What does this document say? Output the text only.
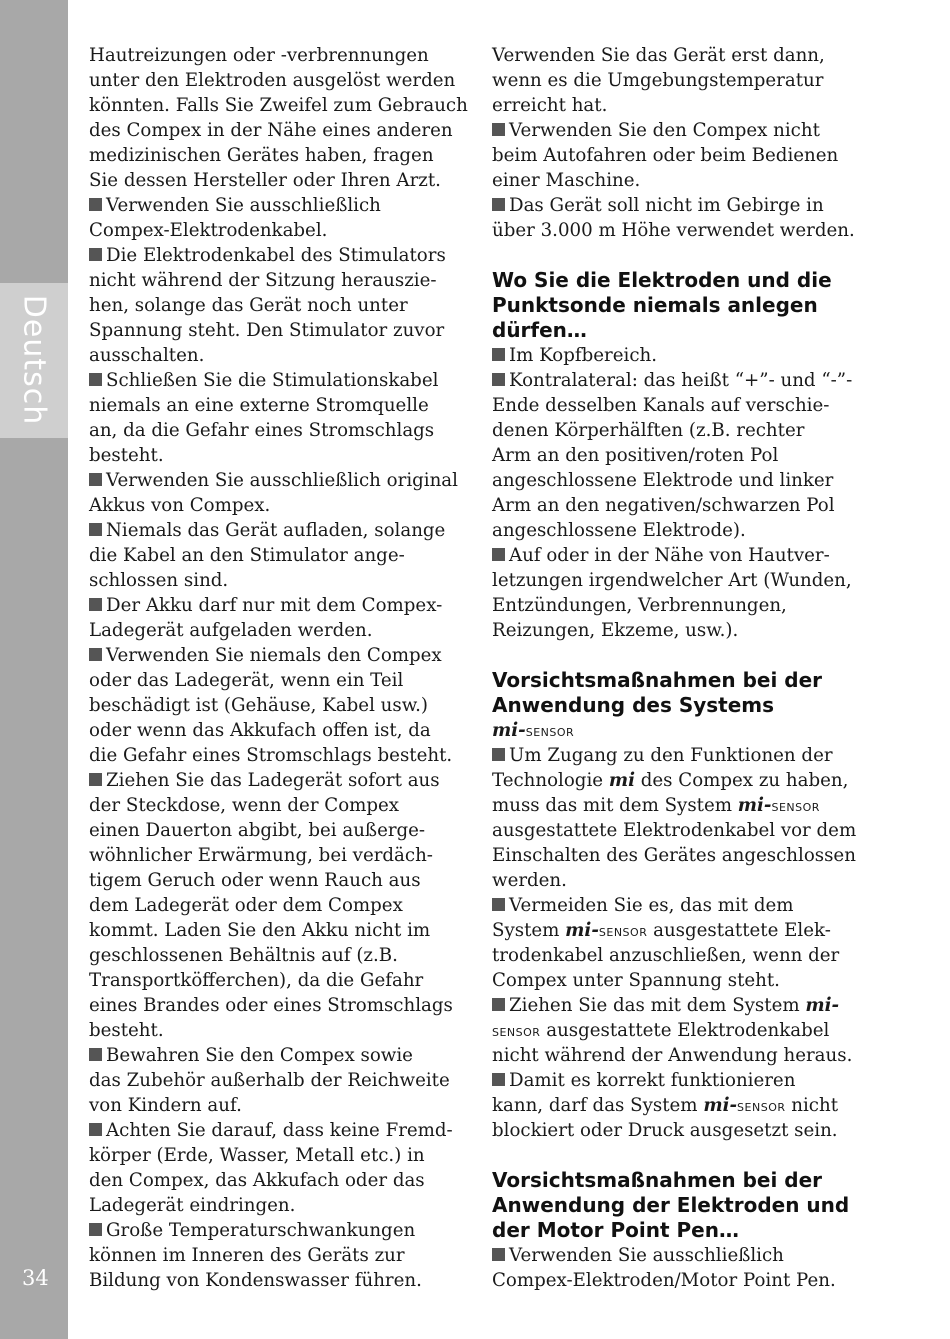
Deutsch
34
Hautreizungen oder -verbrennungen
unter den Elektroden ausgelöst werden
könnten. Falls Sie Zweifel zum Gebrauch
des Compex in der Nähe eines anderen
medizinischen Gerätes haben, fragen
Sie dessen Hersteller oder Ihren Arzt.
Verwenden Sie ausschließlich
Compex-Elektrodenkabel.
Die Elektrodenkabel des Stimulators
nicht während der Sitzung herauszie-
hen, solange das Gerät noch unter
Spannung steht. Den Stimulator zuvor
ausschalten.
Schließen Sie die Stimulationskabel
niemals an eine externe Stromquelle
an, da die Gefahr eines Stromschlags
besteht.
Verwenden Sie ausschließlich original
Akkus von Compex.
Niemals das Gerät aufladen, solange
die Kabel an den Stimulator ange-
schlossen sind.
Der Akku darf nur mit dem Compex-
Ladegerät aufgeladen werden.
Verwenden Sie niemals den Compex
oder das Ladegerät, wenn ein Teil
beschädigt ist (Gehäuse, Kabel usw.)
oder wenn das Akkufach offen ist, da
die Gefahr eines Stromschlags besteht.
Ziehen Sie das Ladegerät sofort aus
der Steckdose, wenn der Compex
einen Dauerton abgibt, bei außerge-
wöhnlicher Erwärmung, bei verdäch-
tigem Geruch oder wenn Rauch aus
dem Ladegerät oder dem Compex
kommt. Laden Sie den Akku nicht im
geschlossenen Behältnis auf (z.B.
Transportköfferchen), da die Gefahr
eines Brandes oder eines Stromschlags
besteht.
Bewahren Sie den Compex sowie
das Zubehör außerhalb der Reichweite
von Kindern auf.
Achten Sie darauf, dass keine Fremd-
körper (Erde, Wasser, Metall etc.) in
den Compex, das Akkufach oder das
Ladegerät eindringen.
Große Temperaturschwankungen
können im Inneren des Geräts zur
Bildung von Kondenswasser führen.
Verwenden Sie das Gerät erst dann,
wenn es die Umgebungstemperatur
erreicht hat.
Verwenden Sie den Compex nicht
beim Autofahren oder beim Bedienen
einer Maschine.
Das Gerät soll nicht im Gebirge in
über 3.000 m Höhe verwendet werden.
Wo Sie die Elektroden und die
Punktsonde niemals anlegen
dürfen…
Im Kopfbereich.
Kontralateral: das heißt “+”- und “-”-
Ende desselben Kanals auf verschie-
denen Körperhälften (z.B. rechter
Arm an den positiven/roten Pol
angeschlossene Elektrode und linker
Arm an den negativen/schwarzen Pol
angeschlossene Elektrode).
Auf oder in der Nähe von Hautver-
letzungen irgendwelcher Art (Wunden,
Entzündungen, Verbrennungen,
Reizungen, Ekzeme, usw.).
Vorsichtsmaßnahmen bei der
Anwendung des Systems
mi-SENSOR
Um Zugang zu den Funktionen der
Technologie mi des Compex zu haben,
muss das mit dem System mi-SENSOR
ausgestattete Elektrodenkabel vor dem
Einschalten des Gerätes angeschlossen
werden.
Vermeiden Sie es, das mit dem
System mi-SENSOR ausgestattete Elek-
trodenkabel anzuschließen, wenn der
Compex unter Spannung steht.
Ziehen Sie das mit dem System mi-
SENSOR ausgestattete Elektrodenkabel
nicht während der Anwendung heraus.
Damit es korrekt funktionieren
kann, darf das System mi-SENSOR nicht
blockiert oder Druck ausgesetzt sein.
Vorsichtsmaßnahmen bei der
Anwendung der Elektroden und
der Motor Point Pen…
Verwenden Sie ausschließlich
Compex-Elektroden/Motor Point Pen.
